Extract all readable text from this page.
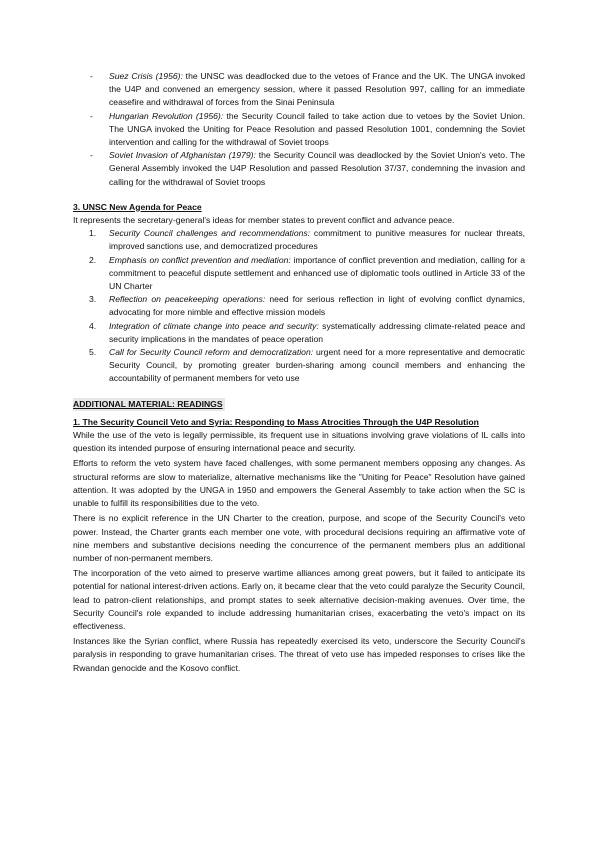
- Suez Crisis (1956): the UNSC was deadlocked due to the vetoes of France and the UK. The UNGA invoked the U4P and convened an emergency session, where it passed Resolution 997, calling for an immediate ceasefire and withdrawal of forces from the Sinai Peninsula
- Hungarian Revolution (1956): the Security Council failed to take action due to vetoes by the Soviet Union. The UNGA invoked the Uniting for Peace Resolution and passed Resolution 1001, condemning the Soviet intervention and calling for the withdrawal of Soviet troops
- Soviet Invasion of Afghanistan (1979): the Security Council was deadlocked by the Soviet Union's veto. The General Assembly invoked the U4P Resolution and passed Resolution 37/37, condemning the invasion and calling for the withdrawal of Soviet troops
3. UNSC New Agenda for Peace

It represents the secretary-general's ideas for member states to prevent conflict and advance peace.

1. Security Council challenges and recommendations: commitment to punitive measures for nuclear threats, improved sanctions use, and democratized procedures
2. Emphasis on conflict prevention and mediation: importance of conflict prevention and mediation, calling for a commitment to peaceful dispute settlement and enhanced use of diplomatic tools outlined in Article 33 of the UN Charter
3. Reflection on peacekeeping operations: need for serious reflection in light of evolving conflict dynamics, advocating for more nimble and effective mission models
4. Integration of climate change into peace and security: systematically addressing climate-related peace and security implications in the mandates of peace operation
5. Call for Security Council reform and democratization: urgent need for a more representative and democratic Security Council, by promoting greater burden-sharing among council members and enhancing the accountability of permanent members for veto use
ADDITIONAL MATERIAL: READINGS
1. The Security Council Veto and Syria: Responding to Mass Atrocities Through the U4P Resolution

While the use of the veto is legally permissible, its frequent use in situations involving grave violations of IL calls into question its intended purpose of ensuring international peace and security.

Efforts to reform the veto system have faced challenges, with some permanent members opposing any changes. As structural reforms are slow to materialize, alternative mechanisms like the "Uniting for Peace" Resolution have gained attention. It was adopted by the UNGA in 1950 and empowers the General Assembly to take action when the SC is unable to fulfill its responsibilities due to the veto.

There is no explicit reference in the UN Charter to the creation, purpose, and scope of the Security Council's veto power. Instead, the Charter grants each member one vote, with procedural decisions requiring an affirmative vote of nine members and substantive decisions needing the concurrence of the permanent members plus an additional number of non-permanent members.

The incorporation of the veto aimed to preserve wartime alliances among great powers, but it failed to anticipate its potential for national interest-driven actions. Early on, it became clear that the veto could paralyze the Security Council, lead to patron-client relationships, and prompt states to seek alternative decision-making avenues. Over time, the Security Council's role expanded to include addressing humanitarian crises, exacerbating the veto's impact on its effectiveness.

Instances like the Syrian conflict, where Russia has repeatedly exercised its veto, underscore the Security Council's paralysis in responding to grave humanitarian crises. The threat of veto use has impeded responses to crises like the Rwandan genocide and the Kosovo conflict.
